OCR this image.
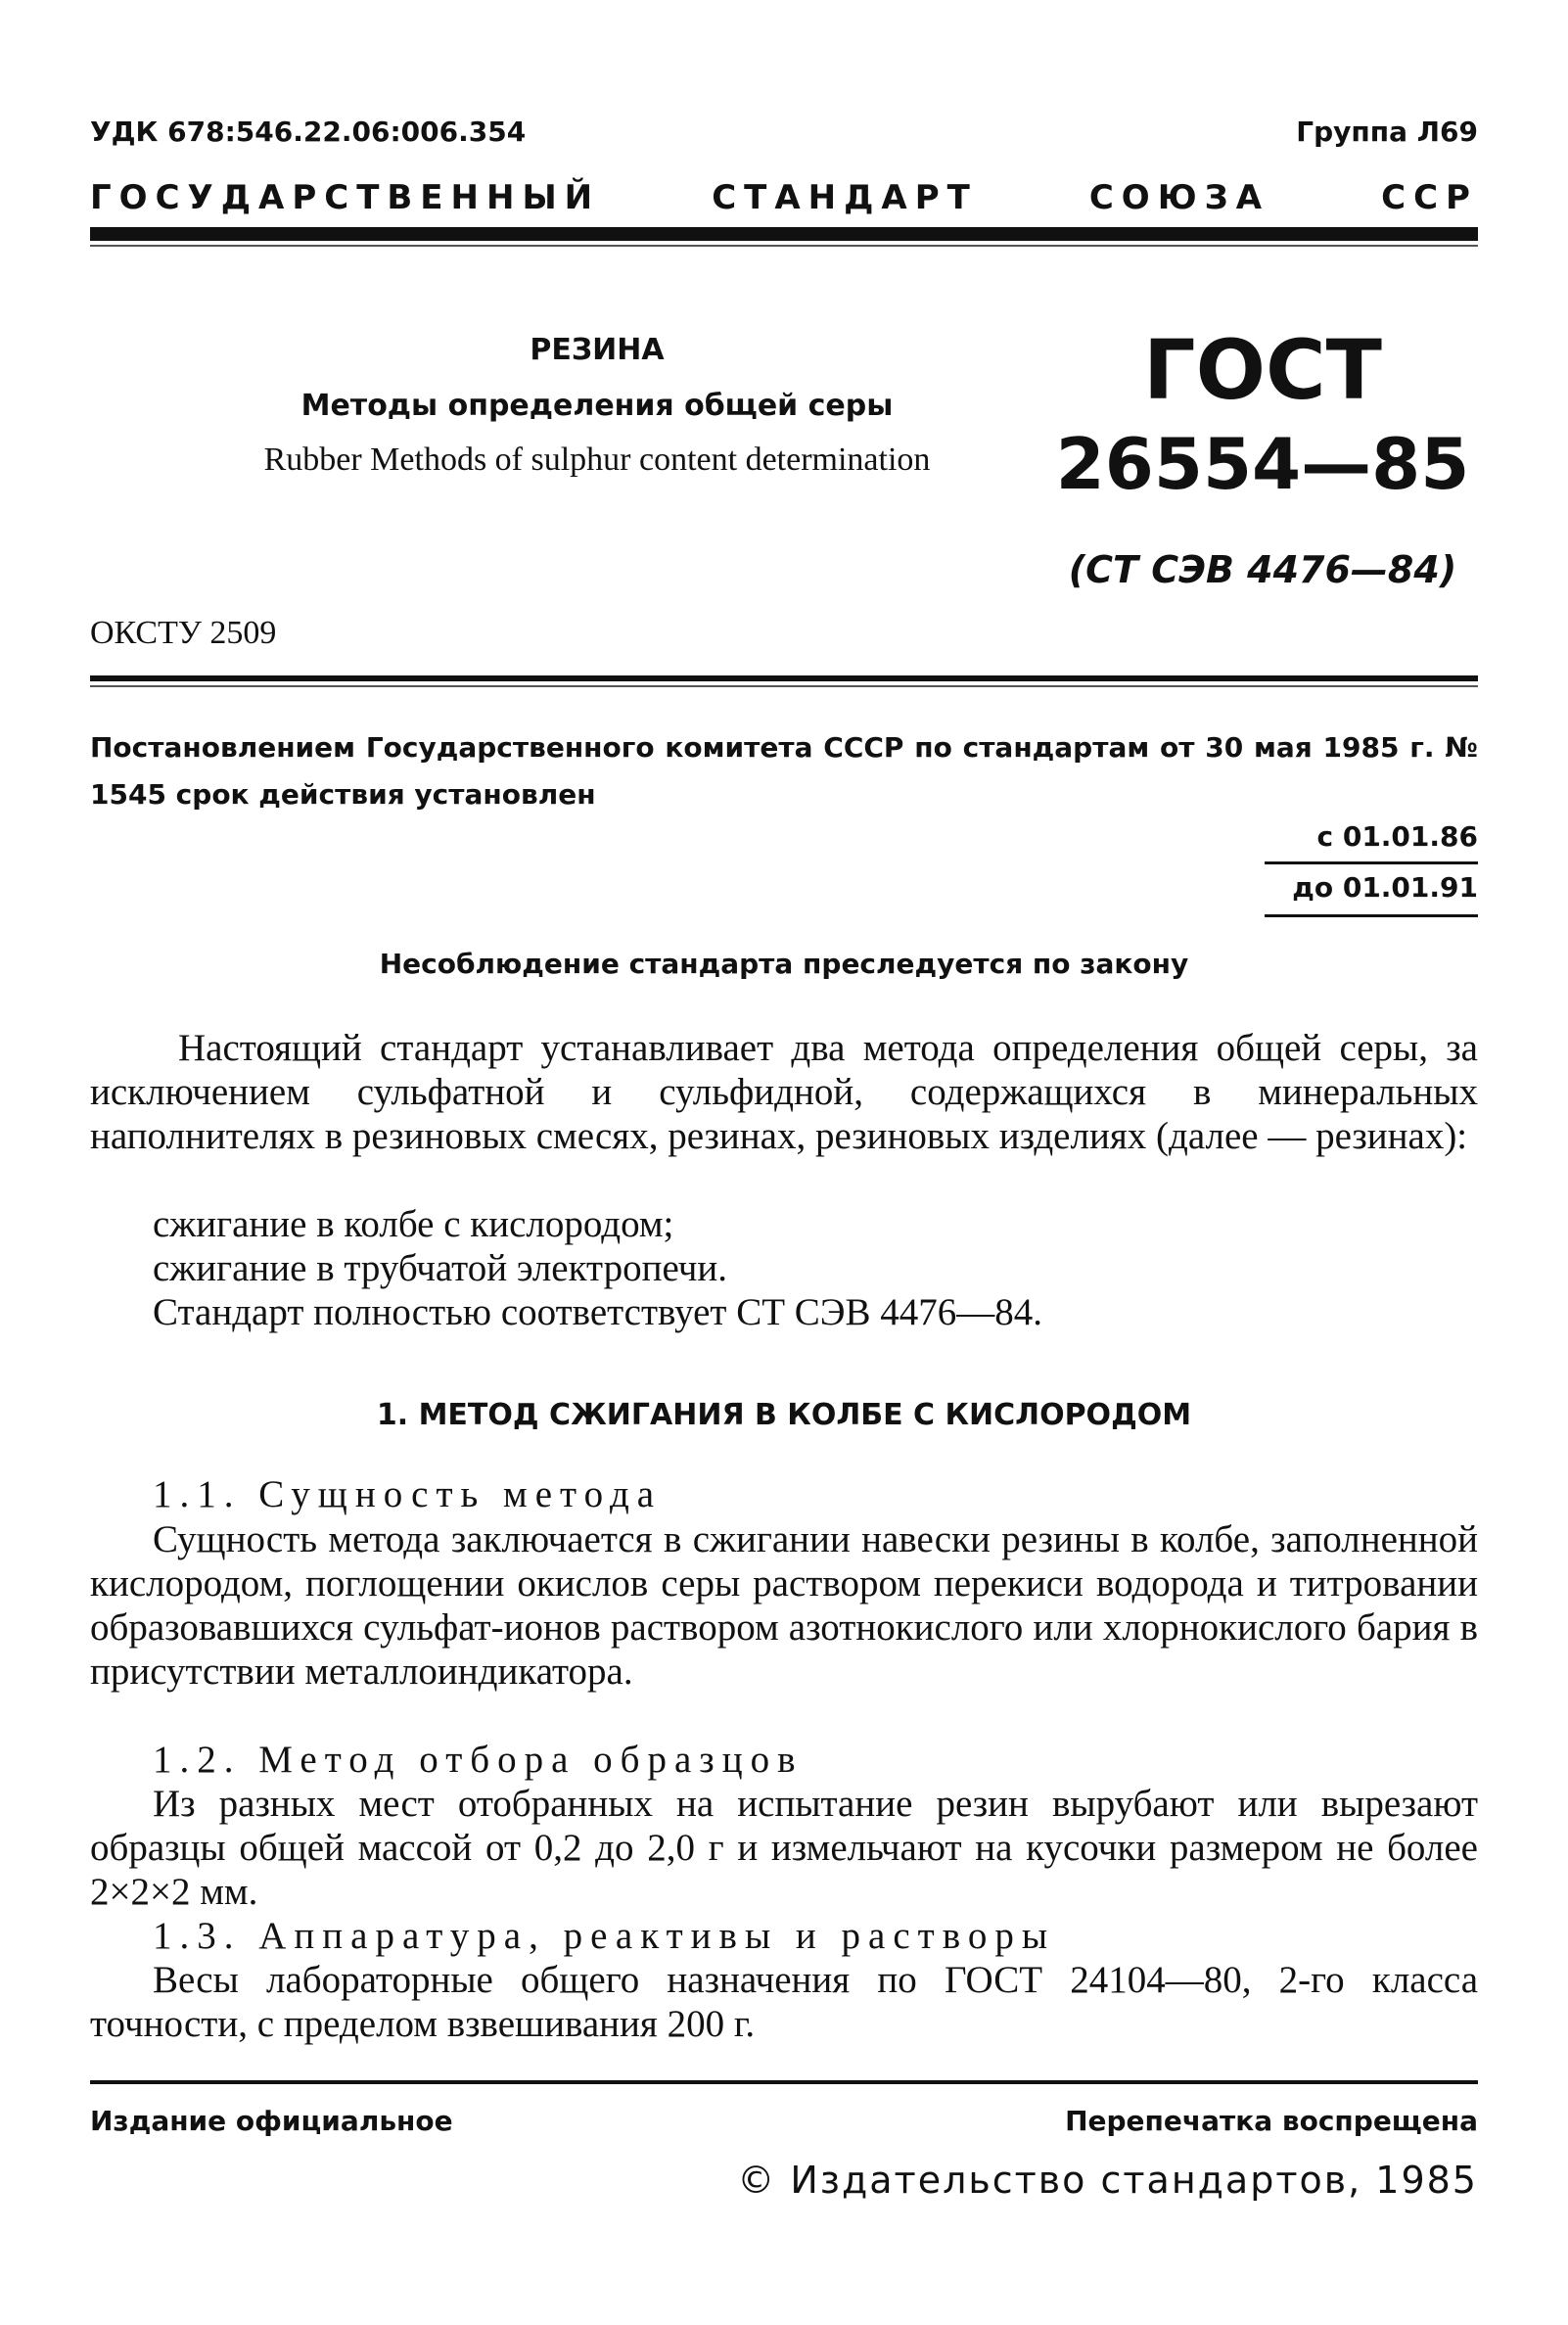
УДК 678:546.22.06:006.354	Группа Л69
ГОСУДАРСТВЕННЫЙ	СТАНДАРТ	СОЮЗА	ССР
РЕЗИНА
Методы определения общей серы
Rubber Methods of sulphur content determination
ГОСТ
26554—85
(СТ СЭВ 4476—84)
ОКСТУ 2509
Постановлением Государственного комитета СССР по стандартам от 30 мая 1985 г. № 1545 срок действия установлен
с 01.01.86
до 01.01.91
Несоблюдение стандарта преследуется по закону
Настоящий стандарт устанавливает два метода определения общей серы, за исключением сульфатной и сульфидной, содержащихся в минеральных наполнителях в резиновых смесях, резинах, резиновых изделиях (далее — резинах):
сжигание в колбе с кислородом;
сжигание в трубчатой электропечи.
Стандарт полностью соответствует СТ СЭВ 4476—84.
1. МЕТОД СЖИГАНИЯ В КОЛБЕ С КИСЛОРОДОМ
1.1. Сущность метода
Сущность метода заключается в сжигании навески резины в колбе, заполненной кислородом, поглощении окислов серы раствором перекиси водорода и титровании образовавшихся сульфат-ионов раствором азотнокислого или хлорнокислого бария в присутствии металлоиндикатора.
1.2. Метод отбора образцов
Из разных мест отобранных на испытание резин вырубают или вырезают образцы общей массой от 0,2 до 2,0 г и измельчают на кусочки размером не более 2×2×2 мм.
1.3. Аппаратура, реактивы и растворы
Весы лабораторные общего назначения по ГОСТ 24104—80, 2-го класса точности, с пределом взвешивания 200 г.
Издание официальное	Перепечатка воспрещена
© Издательство стандартов, 1985
